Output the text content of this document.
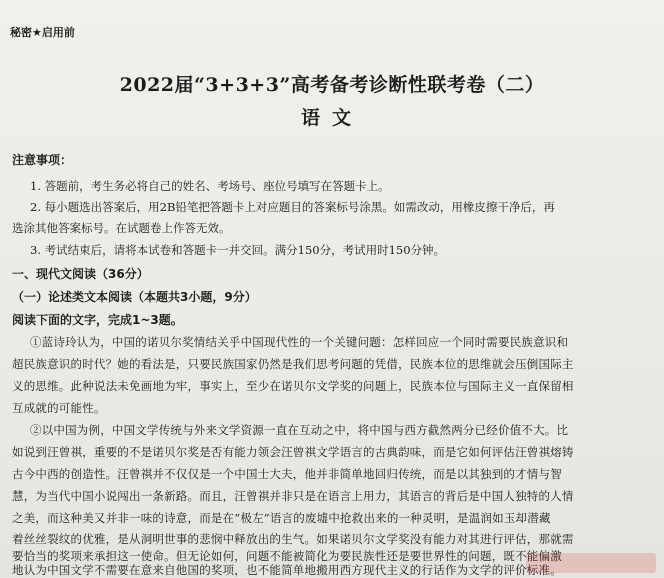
秘密★启用前
2022届“3+3+3”高考备考诊断性联考卷（二）
语文
注意事项：
1. 答题前，考生务必将自己的姓名、考场号、座位号填写在答题卡上。
2. 每小题选出答案后，用2B铅笔把答题卡上对应题目的答案标号涂黑。如需改动，用橡皮擦干净后，再
选涂其他答案标号。在试题卷上作答无效。
3. 考试结束后，请将本试卷和答题卡一并交回。满分150分，考试用时150分钟。
一、现代文阅读（36分）
（一）论述类文本阅读（本题共3小题，9分）
阅读下面的文字，完成1~3题。
①蓝诗玲认为，中国的诺贝尔奖情结关乎中国现代性的一个关键问题：怎样回应一个同时需要民族意识和
超民族意识的时代？她的看法是，只要民族国家仍然是我们思考问题的凭借，民族本位的思维就会压倒国际主
义的思维。此种说法未免画地为牢，事实上，至少在诺贝尔文学奖的问题上，民族本位与国际主义一直保留相
互成就的可能性。
②以中国为例，中国文学传统与外来文学资源一直在互动之中，将中国与西方截然两分已经价值不大。比
如说到汪曾祺，重要的不是诺贝尔奖是否有能力领会汪曾祺文学语言的古典韵味，而是它如何评估汪曾祺熔铸
古今中西的创造性。汪曾祺并不仅仅是一个中国士大夫，他并非简单地回归传统，而是以其独到的才情与智
慧，为当代中国小说闯出一条新路。而且，汪曾祺并非只是在语言上用力，其语言的背后是中国人独特的人情
之美，而这种美又并非一味的诗意，而是在“极左”语言的废墟中抢救出来的一种灵明，是温润如玉却潜藏
着丝丝裂纹的优雅，是从洞明世事的悲悯中释放出的生气。如果诺贝尔文学奖没有能力对其进行评估，那就需
要恰当的奖项来承担这一使命。但无论如何，问题不能被简化为要民族性还是要世界性的问题，既不能偏激
地认为中国文学不需要在意来自他国的奖项，也不能简单地搬用西方现代主义的行话作为文学的评价标准。
